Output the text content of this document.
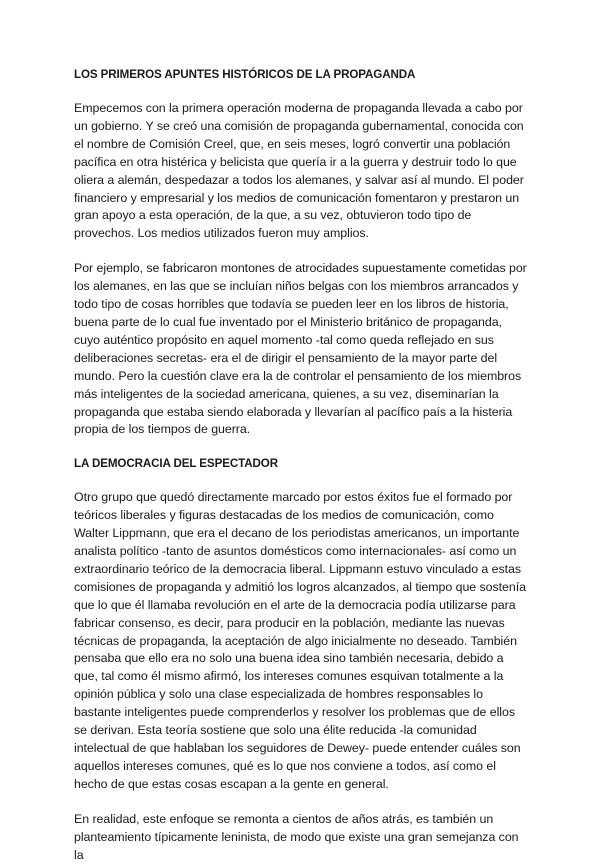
LOS PRIMEROS APUNTES HISTÓRICOS DE LA PROPAGANDA

Empecemos con la primera operación moderna de propaganda llevada a cabo por un gobierno. Y se creó una comisión de propaganda gubernamental, conocida con el nombre de Comisión Creel, que, en seis meses, logró convertir una población pacífica en otra histérica y belicista que quería ir a la guerra y destruir todo lo que oliera a alemán, despedazar a todos los alemanes, y salvar así al mundo. El poder financiero y empresarial y los medios de comunicación fomentaron y prestaron un gran apoyo a esta operación, de la que, a su vez, obtuvieron todo tipo de provechos. Los medios utilizados fueron muy amplios.

Por ejemplo, se fabricaron montones de atrocidades supuestamente cometidas por los alemanes, en las que se incluían niños belgas con los miembros arrancados y todo tipo de cosas horribles que todavía se pueden leer en los libros de historia, buena parte de lo cual fue inventado por el Ministerio británico de propaganda, cuyo auténtico propósito en aquel momento -tal como queda reflejado en sus deliberaciones secretas- era el de dirigir el pensamiento de la mayor parte del mundo. Pero la cuestión clave era la de controlar el pensamiento de los miembros más inteligentes de la sociedad americana, quienes, a su vez, diseminarían la propaganda que estaba siendo elaborada y llevarían al pacífico país a la histeria propia de los tiempos de guerra.

LA DEMOCRACIA DEL ESPECTADOR

Otro grupo que quedó directamente marcado por estos éxitos fue el formado por teóricos liberales y figuras destacadas de los medios de comunicación, como Walter Lippmann, que era el decano de los periodistas americanos, un importante analista político -tanto de asuntos domésticos como internacionales- así como un extraordinario teórico de la democracia liberal. Lippmann estuvo vinculado a estas comisiones de propaganda y admitió los logros alcanzados, al tiempo que sostenía que lo que él llamaba revolución en el arte de la democracia podía utilizarse para fabricar consenso, es decir, para producir en la población, mediante las nuevas técnicas de propaganda, la aceptación de algo inicialmente no deseado. También pensaba que ello era no solo una buena idea sino también necesaria, debido a que, tal como él mismo afirmó, los intereses comunes esquivan totalmente a la opinión pública y solo una clase especializada de hombres responsables lo bastante inteligentes puede comprenderlos y resolver los problemas que de ellos se derivan. Esta teoría sostiene que solo una élite reducida -la comunidad intelectual de que hablaban los seguidores de Dewey- puede entender cuáles son aquellos intereses comunes, qué es lo que nos conviene a todos, así como el hecho de que estas cosas escapan a la gente en general.

En realidad, este enfoque se remonta a cientos de años atrás, es también un planteamiento típicamente leninista, de modo que existe una gran semejanza con la
